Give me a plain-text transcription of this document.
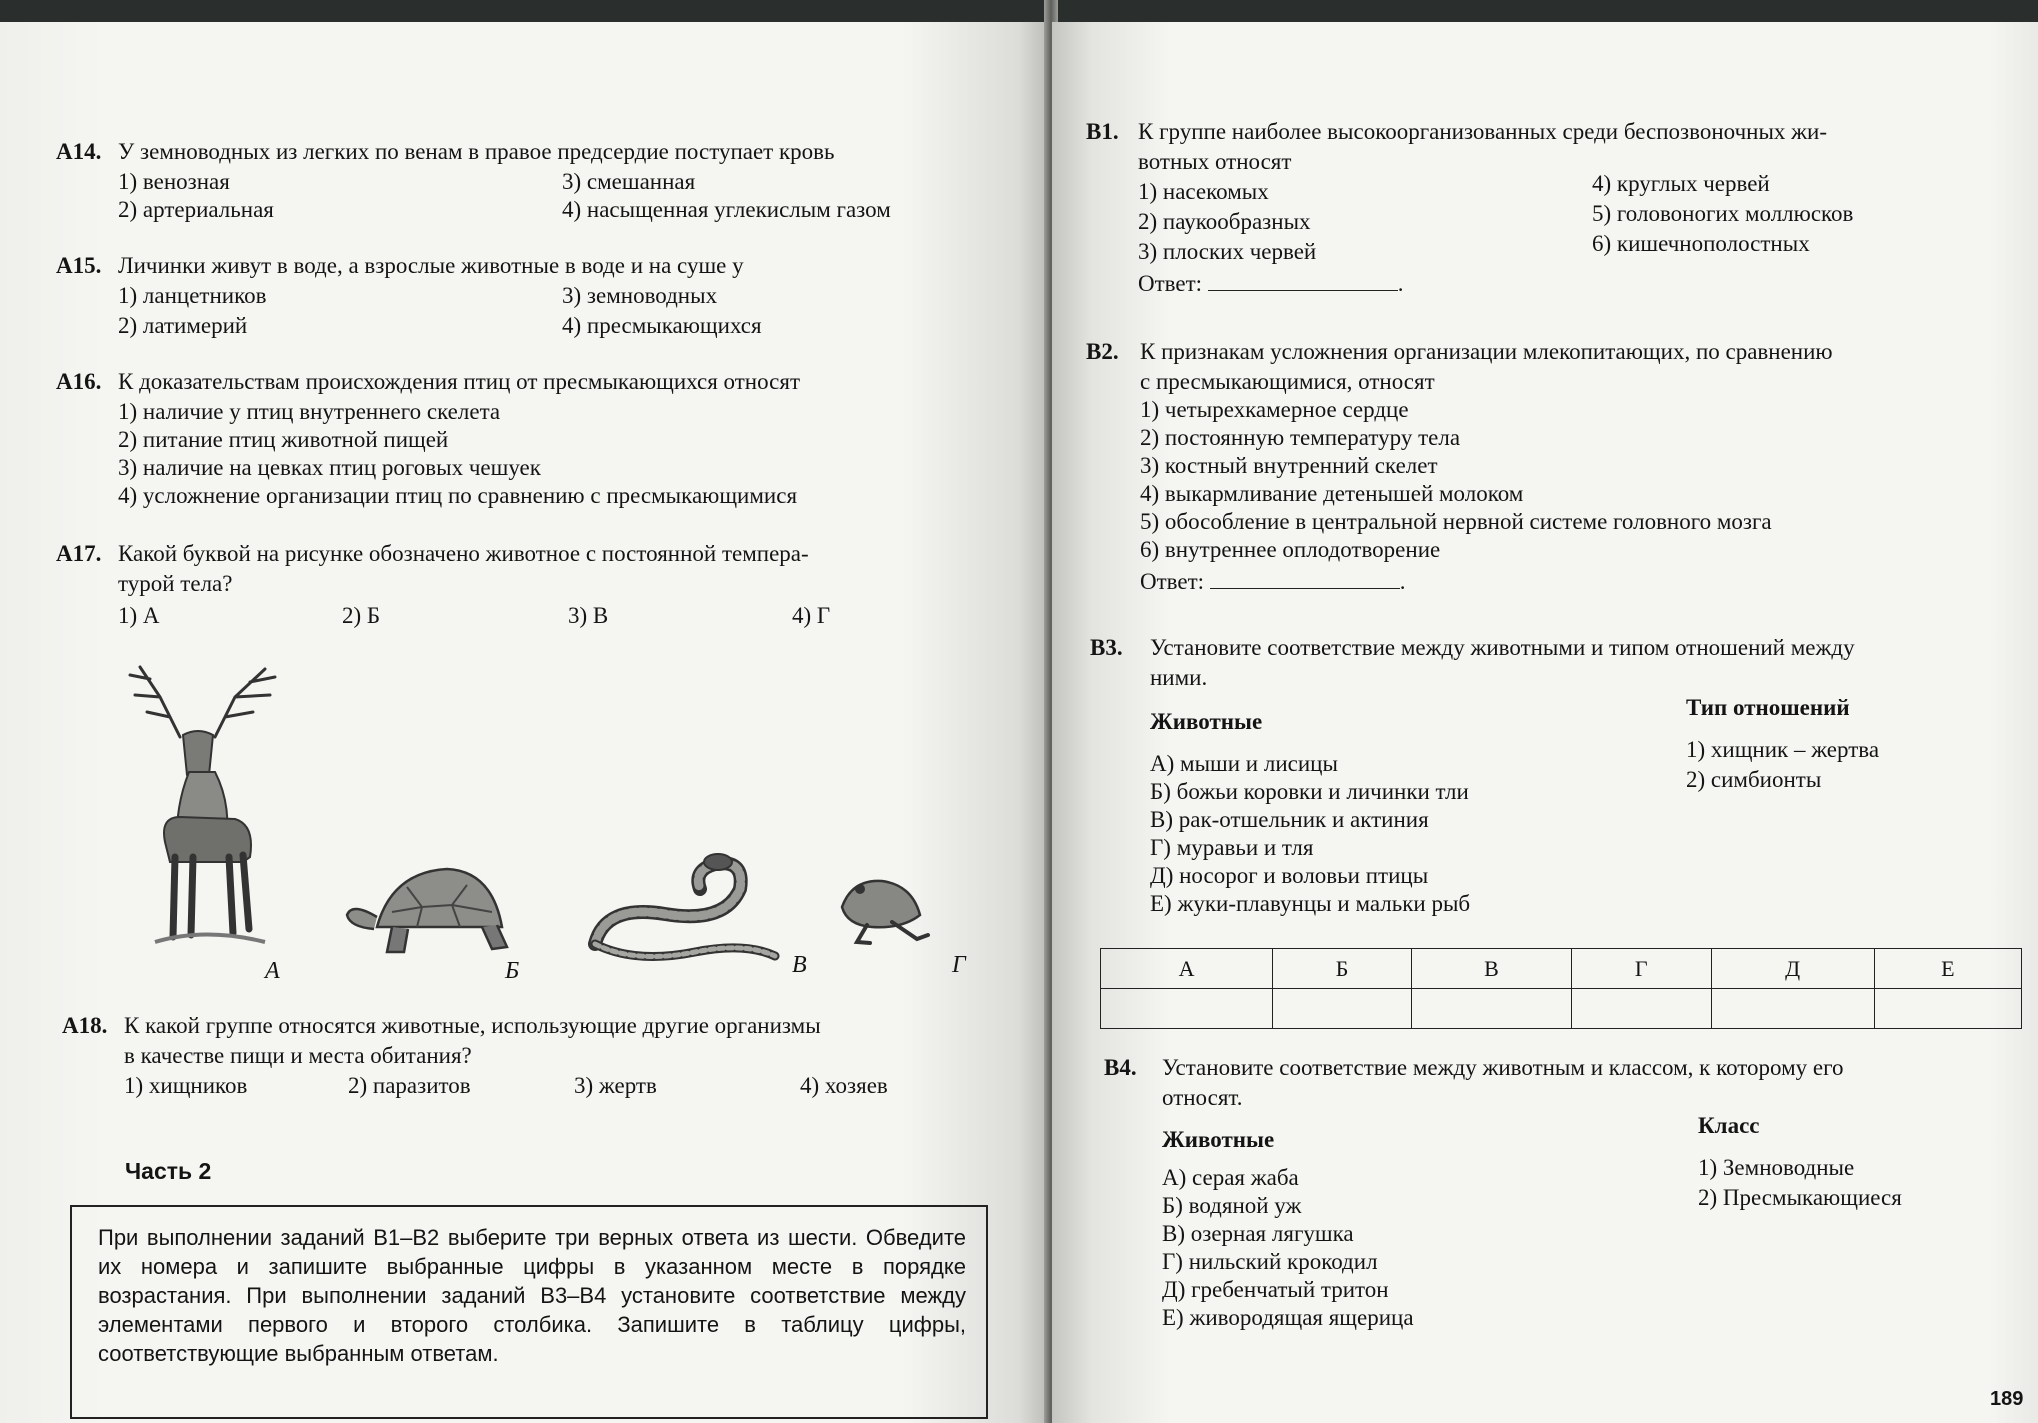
A14. У земноводных из легких по венам в правое предсердие поступает кровь
1) венозная
2) артериальная
3) смешанная
4) насыщенная углекислым газом
A15. Личинки живут в воде, а взрослые животные в воде и на суше у
1) ланцетников
2) латимерий
3) земноводных
4) пресмыкающихся
A16. К доказательствам происхождения птиц от пресмыкающихся относят
1) наличие у птиц внутреннего скелета
2) питание птиц животной пищей
3) наличие на цевках птиц роговых чешуек
4) усложнение организации птиц по сравнению с пресмыкающимися
A17. Какой буквой на рисунке обозначено животное с постоянной темпера-
турой тела?
1) А	2) Б	3) В	4) Г
А	Б	В	Г
A18. К какой группе относятся животные, использующие другие организмы
в качестве пищи и места обитания?
1) хищников	2) паразитов	3) жертв	4) хозяев
Часть 2
При выполнении заданий В1–В2 выберите три верных ответа из шести. Обведите их номера и запишите выбранные цифры в указанном месте в порядке возрастания. При выполнении заданий В3–В4 установите соответствие между элементами первого и второго столбика. Запишите в таблицу цифры, соответствующие выбранным ответам.
B1. К группе наиболее высокоорганизованных среди беспозвоночных жи-
вотных относят
1) насекомых
2) паукообразных
3) плоских червей
4) круглых червей
5) головоногих моллюсков
6) кишечнополостных
Ответ:	.
B2. К признакам усложнения организации млекопитающих, по сравнению
с пресмыкающимися, относят
1) четырехкамерное сердце
2) постоянную температуру тела
3) костный внутренний скелет
4) выкармливание детенышей молоком
5) обособление в центральной нервной системе головного мозга
6) внутреннее оплодотворение
Ответ:	.
B3. Установите соответствие между животными и типом отношений между
ними.
Животные
Тип отношений
А) мыши и лисицы
Б) божьи коровки и личинки тли
В) рак-отшельник и актиния
Г) муравьи и тля
Д) носорог и воловьи птицы
Е) жуки-плавунцы и мальки рыб
1) хищник – жертва
2) симбионты
А	Б	В	Г	Д	Е

B4. Установите соответствие между животным и классом, к которому его
относят.
Животные
Класс
А) серая жаба
Б) водяной уж
В) озерная лягушка
Г) нильский крокодил
Д) гребенчатый тритон
Е) живородящая ящерица
1) Земноводные
2) Пресмыкающиеся
189
